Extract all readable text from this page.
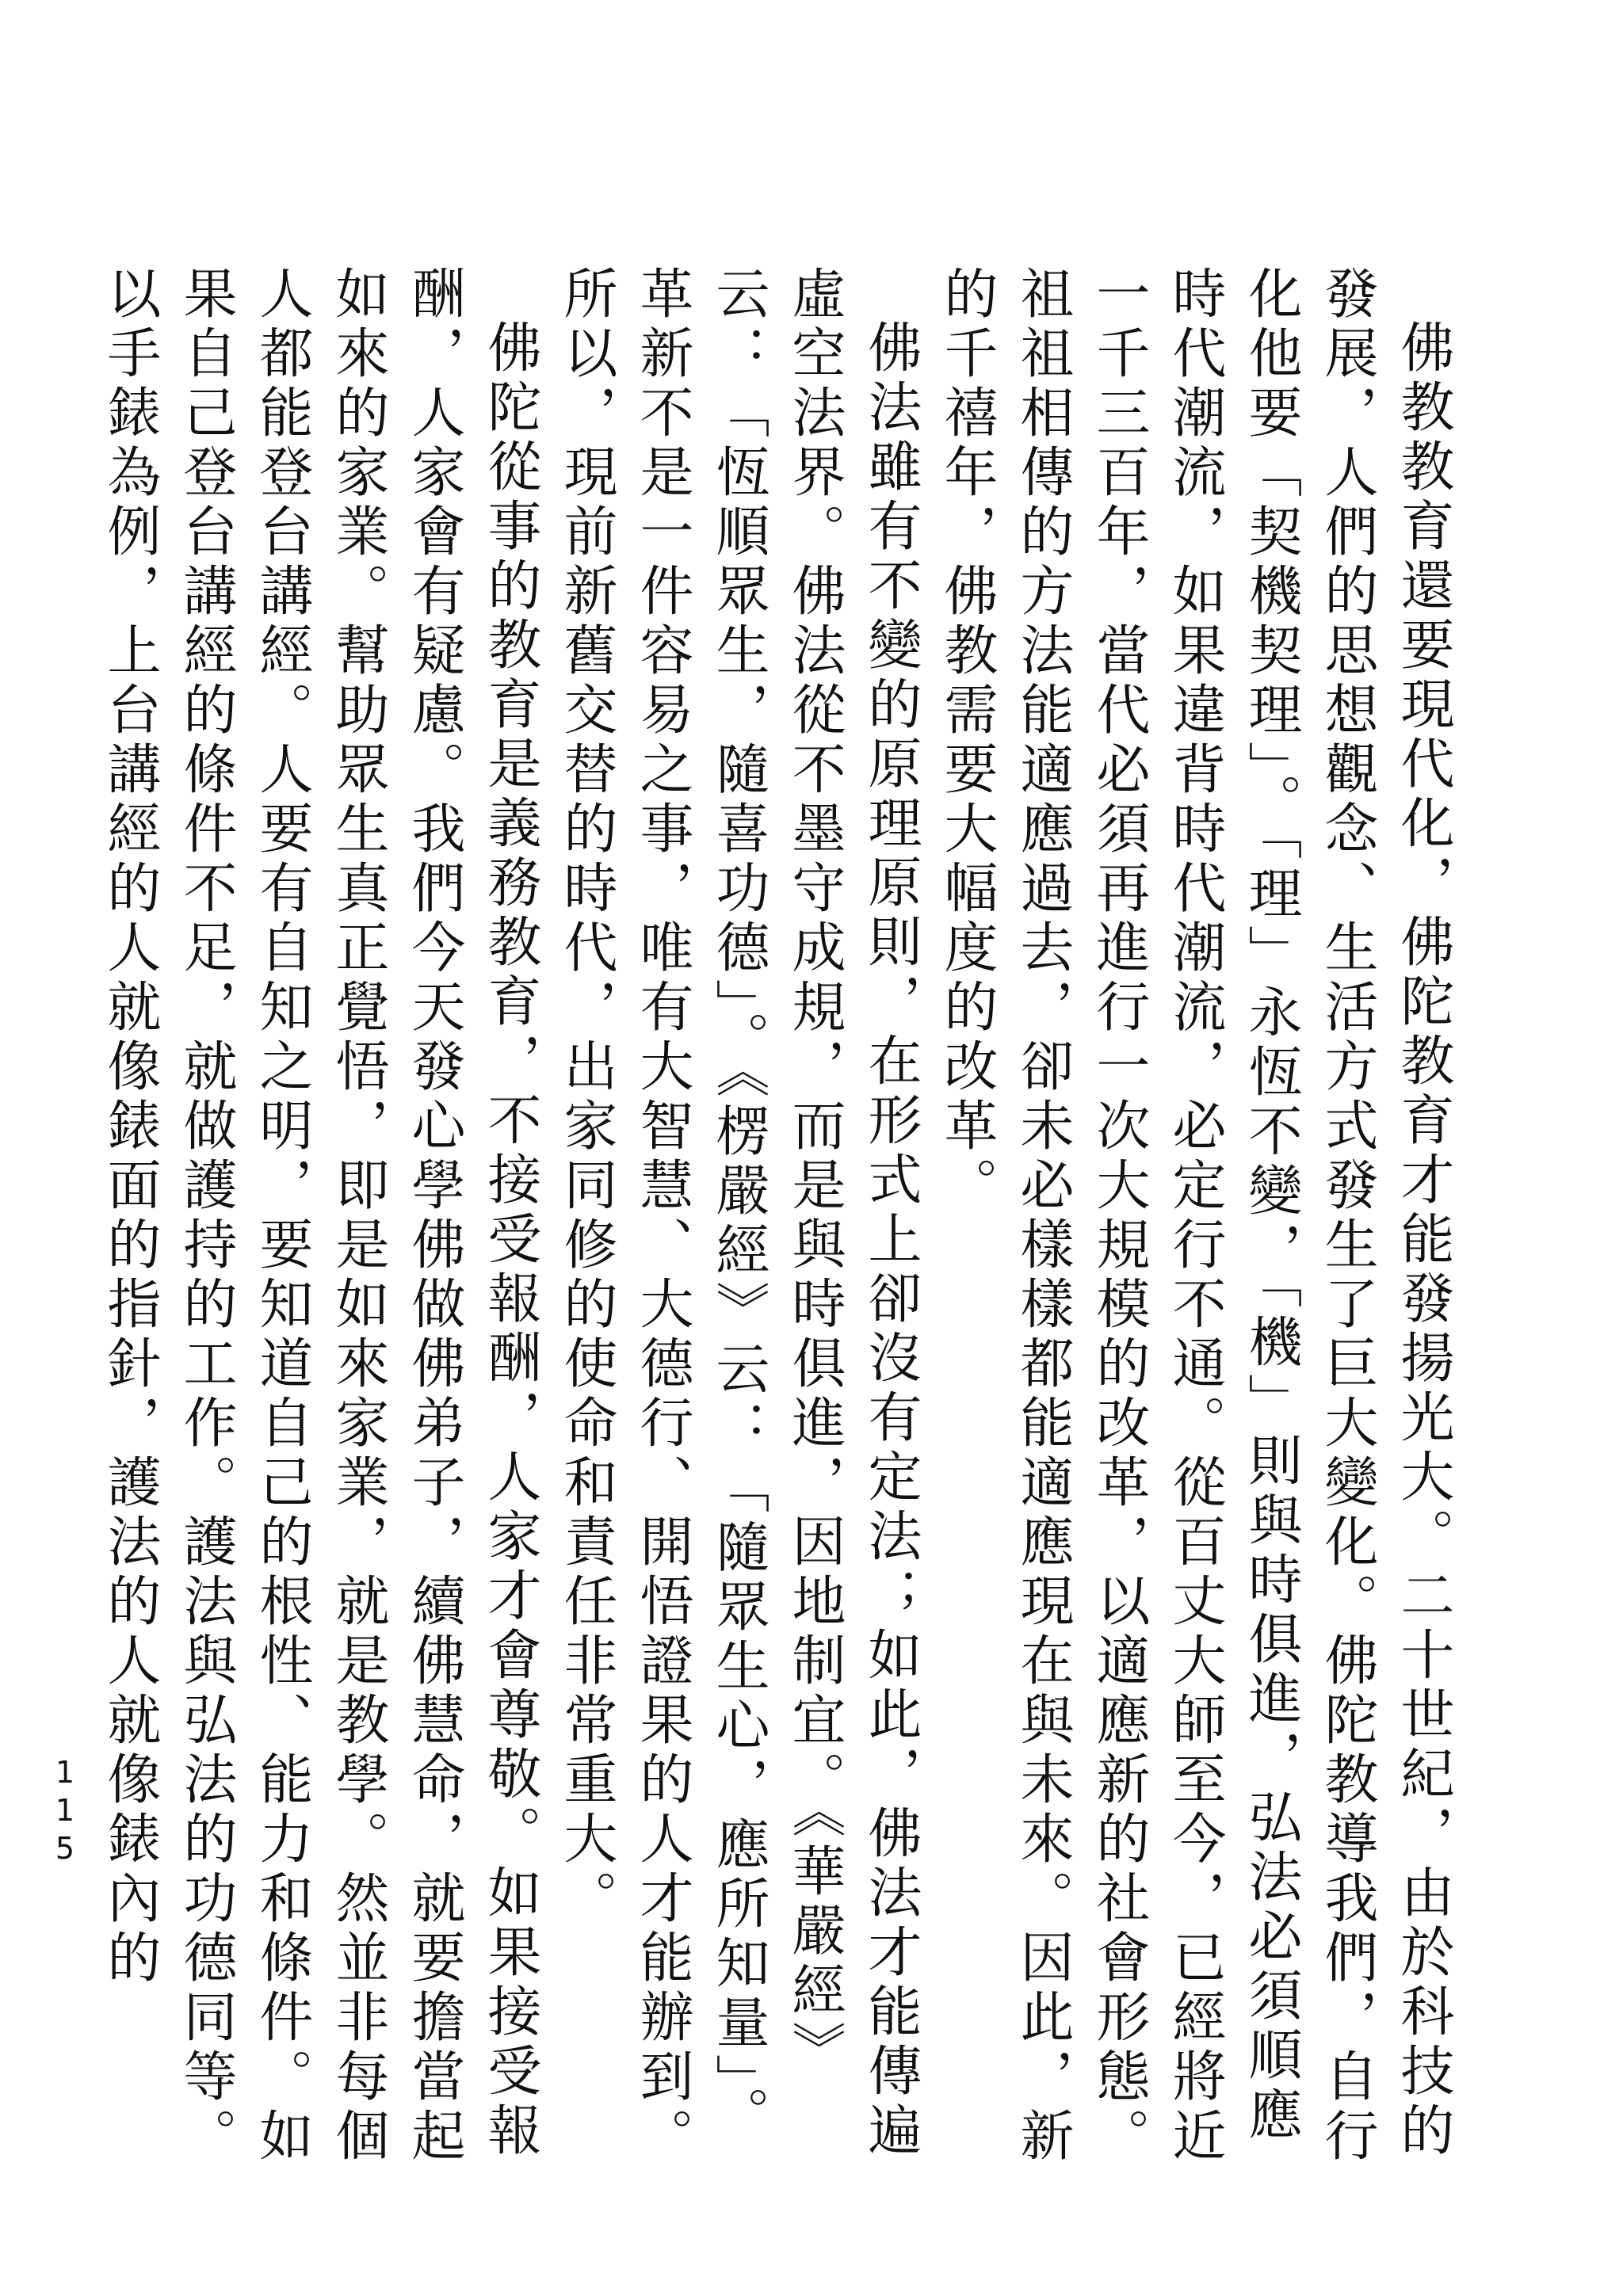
佛教教育還要現代化，佛陀教育才能發揚光大。二十世紀，由於科技的發展，人們的思想觀念、生活方式發生了巨大變化。佛陀教導我們，自行化他要「契機契理」。「理」永恆不變，「機」則與時俱進，弘法必須順應時代潮流，如果違背時代潮流，必定行不通。從百丈大師至今，已經將近一千三百年，當代必須再進行一次大規模的改革，以適應新的社會形態。祖祖相傳的方法能適應過去，卻未必樣樣都能適應現在與未來。因此，新的千禧年，佛教需要大幅度的改革。

佛法雖有不變的原理原則，在形式上卻沒有定法；如此，佛法才能傳遍虛空法界。佛法從不墨守成規，而是與時俱進，因地制宜。《華嚴經》云：「恆順眾生，隨喜功德」。《楞嚴經》云：「隨眾生心，應所知量」。革新不是一件容易之事，唯有大智慧、大德行、開悟證果的人才能辦到。所以，現前新舊交替的時代，出家同修的使命和責任非常重大。

佛陀從事的教育是義務教育，不接受報酬，人家才會尊敬。如果接受報酬，人家會有疑慮。我們今天發心學佛做佛弟子，續佛慧命，就要擔當起如來的家業。幫助眾生真正覺悟，即是如來家業，就是教學。然並非每個人都能登台講經。人要有自知之明，要知道自己的根性、能力和條件。如果自己登台講經的條件不足，就做護持的工作。護法與弘法的功德同等。以手錶為例，上台講經的人就像錶面的指針，護法的人就像錶內的

115
